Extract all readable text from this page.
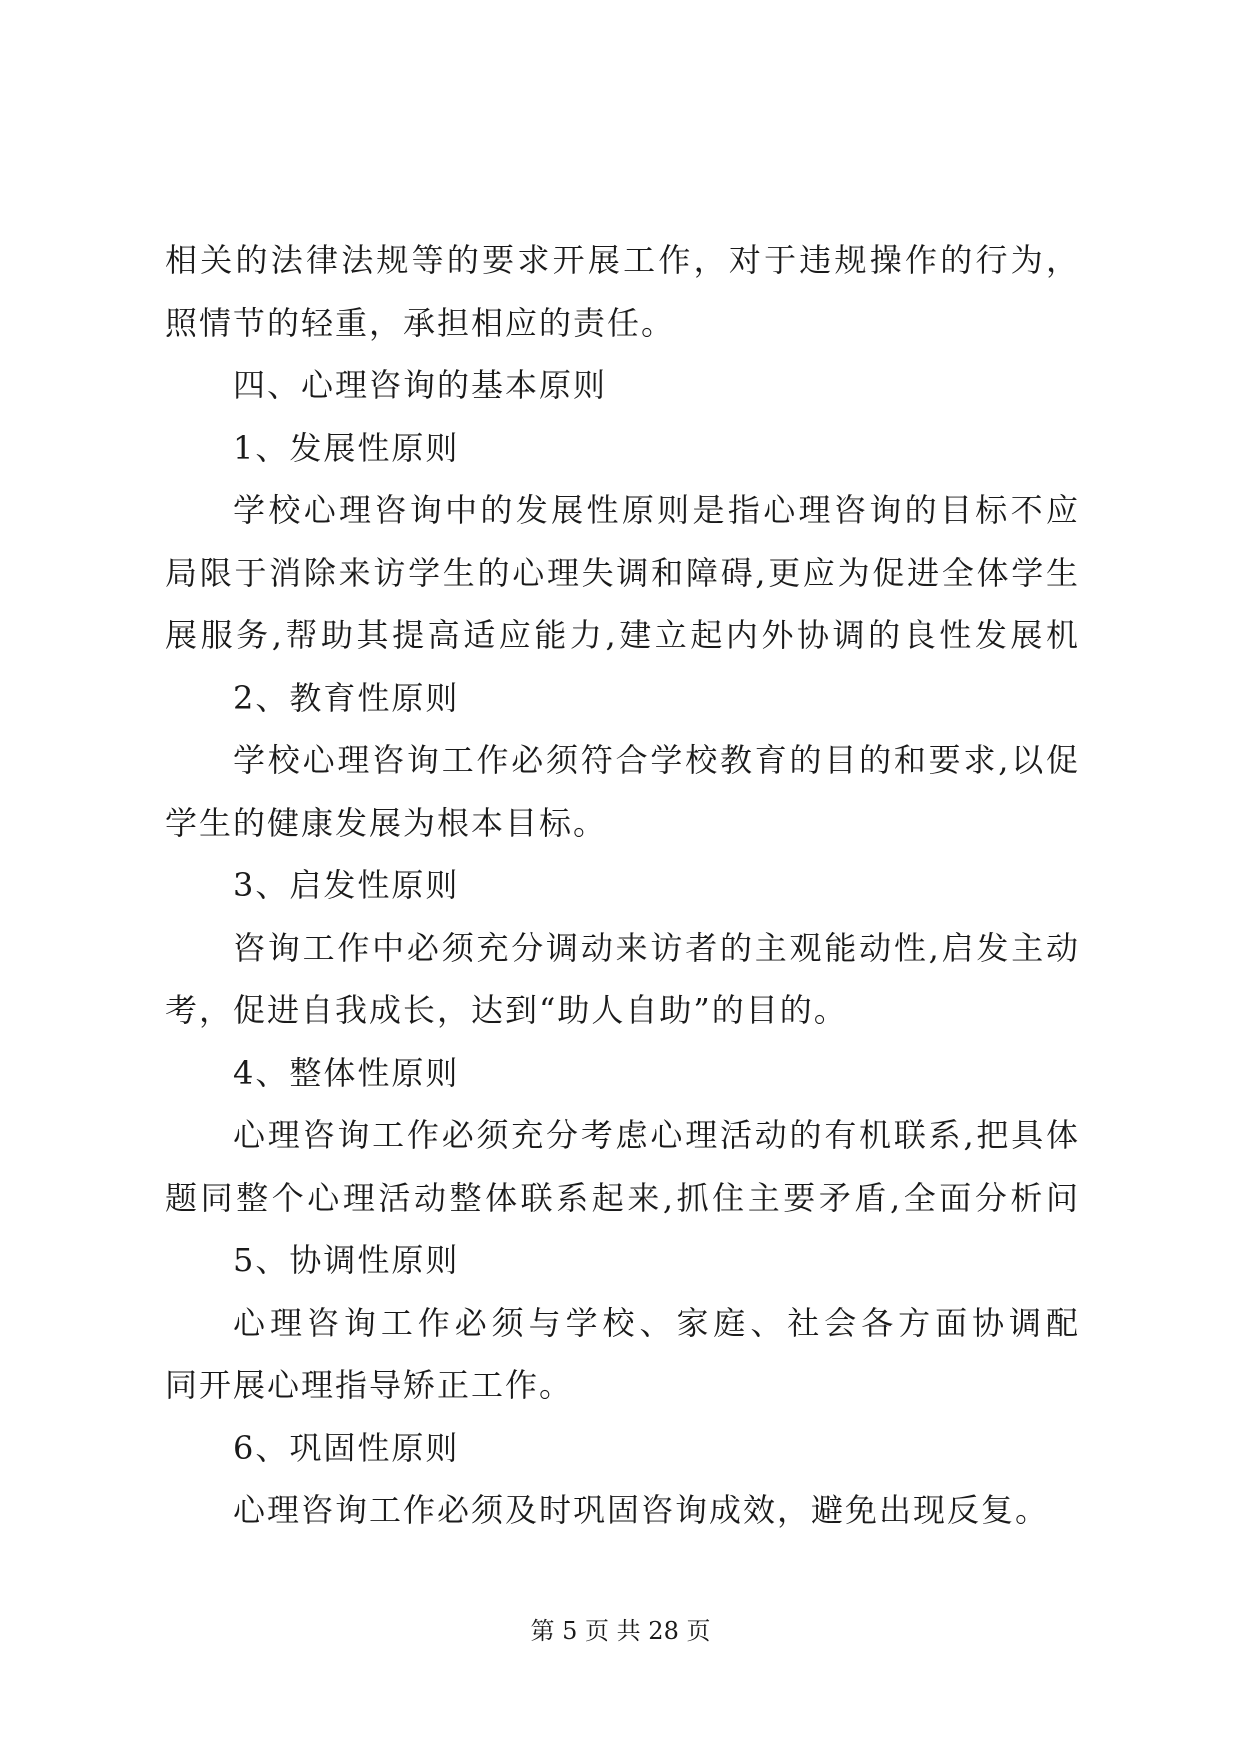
相关的法律法规等的要求开展工作，对于违规操作的行为，
照情节的轻重，承担相应的责任。
四、心理咨询的基本原则
1、发展性原则
学校心理咨询中的发展性原则是指心理咨询的目标不应
局限于消除来访学生的心理失调和障碍,更应为促进全体学生
展服务,帮助其提高适应能力,建立起内外协调的良性发展机
2、教育性原则
学校心理咨询工作必须符合学校教育的目的和要求,以促
学生的健康发展为根本目标。
3、启发性原则
咨询工作中必须充分调动来访者的主观能动性,启发主动
考，促进自我成长，达到“助人自助”的目的。
4、整体性原则
心理咨询工作必须充分考虑心理活动的有机联系,把具体
题同整个心理活动整体联系起来,抓住主要矛盾,全面分析问
5、协调性原则
心理咨询工作必须与学校、家庭、社会各方面协调配
同开展心理指导矫正工作。
6、巩固性原则
心理咨询工作必须及时巩固咨询成效，避免出现反复。
第 5 页 共 28 页
